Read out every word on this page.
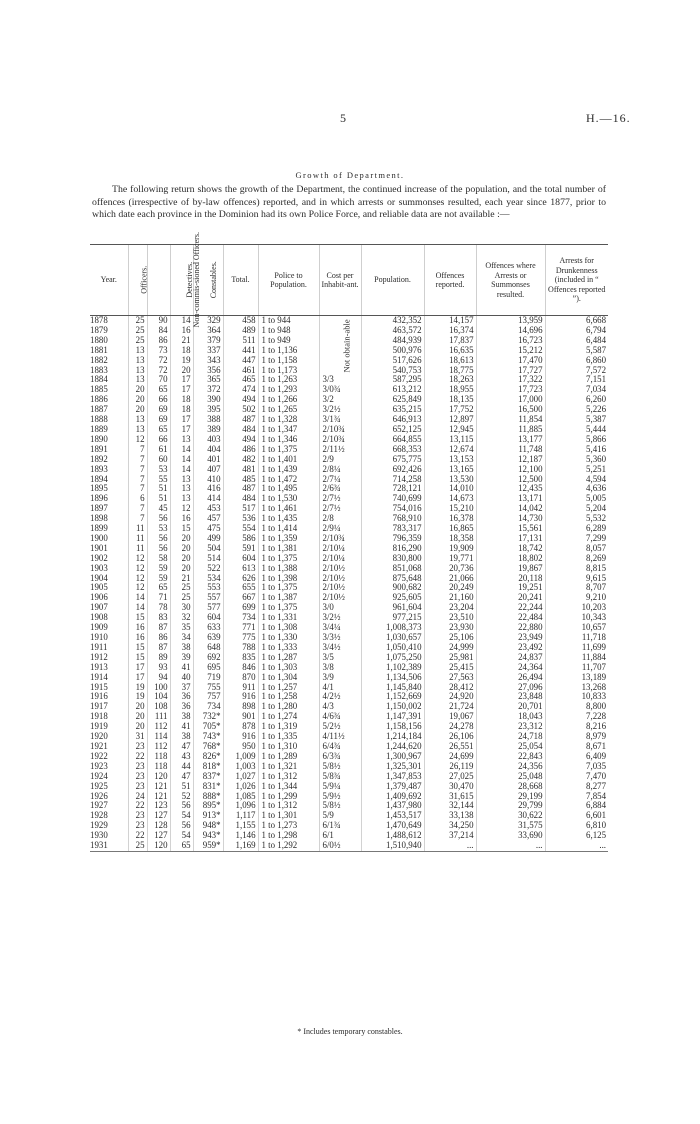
5	H.—16.
Growth of Department.

The following return shows the growth of the Department, the continued increase of the population, and the total number of offences (irrespective of by-law offences) reported, and in which arrests or summonses resulted, each year since 1877, prior to which date each province in the Dominion had its own Police Force, and reliable data are not available :—

Year.	Officers.	Non-commis-sioned Officers.	Detectives.	Constables.	Total.	Police to Population.	Cost per Inhabit-ant.	Population.	Offences reported.	Offences where Arrests or Summonses resulted.	Arrests for Drunkenness (included in “ Offences reported ”).
1878	25	90	14	329	458	1 to 944	Not obtain-able	432,352	14,157	13,959	6,668
1879	25	84	16	364	489	1 to 948		463,572	16,374	14,696	6,794
1880	25	86	21	379	511	1 to 949		484,939	17,837	16,723	6,484
1881	13	73	18	337	441	1 to 1,136		500,976	16,635	15,212	5,587
1882	13	72	19	343	447	1 to 1,158		517,626	18,613	17,470	6,860
1883	13	72	20	356	461	1 to 1,173		540,753	18,775	17,727	7,572
1884	13	70	17	365	465	1 to 1,263	3/3	587,295	18,263	17,322	7,151
1885	20	65	17	372	474	1 to 1,293	3/0¾	613,212	18,955	17,723	7,034
1886	20	66	18	390	494	1 to 1,266	3/2	625,849	18,135	17,000	6,260
1887	20	69	18	395	502	1 to 1,265	3/2½	635,215	17,752	16,500	5,226
1888	13	69	17	388	487	1 to 1,328	3/1¾	646,913	12,897	11,854	5,387
1889	13	65	17	389	484	1 to 1,347	2/10¾	652,125	12,945	11,885	5,444
1890	12	66	13	403	494	1 to 1,346	2/10¾	664,855	13,115	13,177	5,866
1891	7	61	14	404	486	1 to 1,375	2/11½	668,353	12,674	11,748	5,416
1892	7	60	14	401	482	1 to 1,401	2/9	675,775	13,153	12,187	5,360
1893	7	53	14	407	481	1 to 1,439	2/8¼	692,426	13,165	12,100	5,251
1894	7	55	13	410	485	1 to 1,472	2/7¼	714,258	13,530	12,500	4,594
1895	7	51	13	416	487	1 to 1,495	2/6¾	728,121	14,010	12,435	4,636
1896	6	51	13	414	484	1 to 1,530	2/7½	740,699	14,673	13,171	5,005
1897	7	45	12	453	517	1 to 1,461	2/7½	754,016	15,210	14,042	5,204
1898	7	56	16	457	536	1 to 1,435	2/8	768,910	16,378	14,730	5,532
1899	11	53	15	475	554	1 to 1,414	2/9¼	783,317	16,865	15,561	6,289
1900	11	56	20	499	586	1 to 1,359	2/10¾	796,359	18,358	17,131	7,299
1901	11	56	20	504	591	1 to 1,381	2/10¼	816,290	19,909	18,742	8,057
1902	12	58	20	514	604	1 to 1,375	2/10¼	830,800	19,771	18,802	8,269
1903	12	59	20	522	613	1 to 1,388	2/10½	851,068	20,736	19,867	8,815
1904	12	59	21	534	626	1 to 1,398	2/10½	875,648	21,066	20,118	9,615
1905	12	65	25	553	655	1 to 1,375	2/10½	900,682	20,249	19,251	8,707
1906	14	71	25	557	667	1 to 1,387	2/10½	925,605	21,160	20,241	9,210
1907	14	78	30	577	699	1 to 1,375	3/0	961,604	23,204	22,244	10,203
1908	15	83	32	604	734	1 to 1,331	3/2½	977,215	23,510	22,484	10,343
1909	16	87	35	633	771	1 to 1,308	3/4¼	1,008,373	23,930	22,880	10,657
1910	16	86	34	639	775	1 to 1,330	3/3½	1,030,657	25,106	23,949	11,718
1911	15	87	38	648	788	1 to 1,333	3/4½	1,050,410	24,999	23,492	11,699
1912	15	89	39	692	835	1 to 1,287	3/5	1,075,250	25,981	24,837	11,884
1913	17	93	41	695	846	1 to 1,303	3/8	1,102,389	25,415	24,364	11,707
1914	17	94	40	719	870	1 to 1,304	3/9	1,134,506	27,563	26,494	13,189
1915	19	100	37	755	911	1 to 1,257	4/1	1,145,840	28,412	27,096	13,268
1916	19	104	36	757	916	1 to 1,258	4/2½	1,152,669	24,920	23,848	10,833
1917	20	108	36	734	898	1 to 1,280	4/3	1,150,002	21,724	20,701	8,800
1918	20	111	38	732*	901	1 to 1,274	4/6¾	1,147,391	19,067	18,043	7,228
1919	20	112	41	705*	878	1 to 1,319	5/2½	1,158,156	24,278	23,312	8,216
1920	31	114	38	743*	916	1 to 1,335	4/11½	1,214,184	26,106	24,718	8,979
1921	23	112	47	768*	950	1 to 1,310	6/4¾	1,244,620	26,551	25,054	8,671
1922	22	118	43	826*	1,009	1 to 1,289	6/3¾	1,300,967	24,699	22,843	6,409
1923	23	118	44	818*	1,003	1 to 1,321	5/8½	1,325,301	26,119	24,356	7,035
1924	23	120	47	837*	1,027	1 to 1,312	5/8¾	1,347,853	27,025	25,048	7,470
1925	23	121	51	831*	1,026	1 to 1,344	5/9¼	1,379,487	30,470	28,668	8,277
1926	24	121	52	888*	1,085	1 to 1,299	5/9½	1,409,692	31,615	29,199	7,854
1927	22	123	56	895*	1,096	1 to 1,312	5/8½	1,437,980	32,144	29,799	6,884
1928	23	127	54	913*	1,117	1 to 1,301	5/9	1,453,517	33,138	30,622	6,601
1929	23	128	56	948*	1,155	1 to 1,273	6/1¾	1,470,649	34,250	31,575	6,810
1930	22	127	54	943*	1,146	1 to 1,298	6/1	1,488,612	37,214	33,690	6,125
1931	25	120	65	959*	1,169	1 to 1,292	6/0½	1,510,940	...	...	...
* Includes temporary constables.
